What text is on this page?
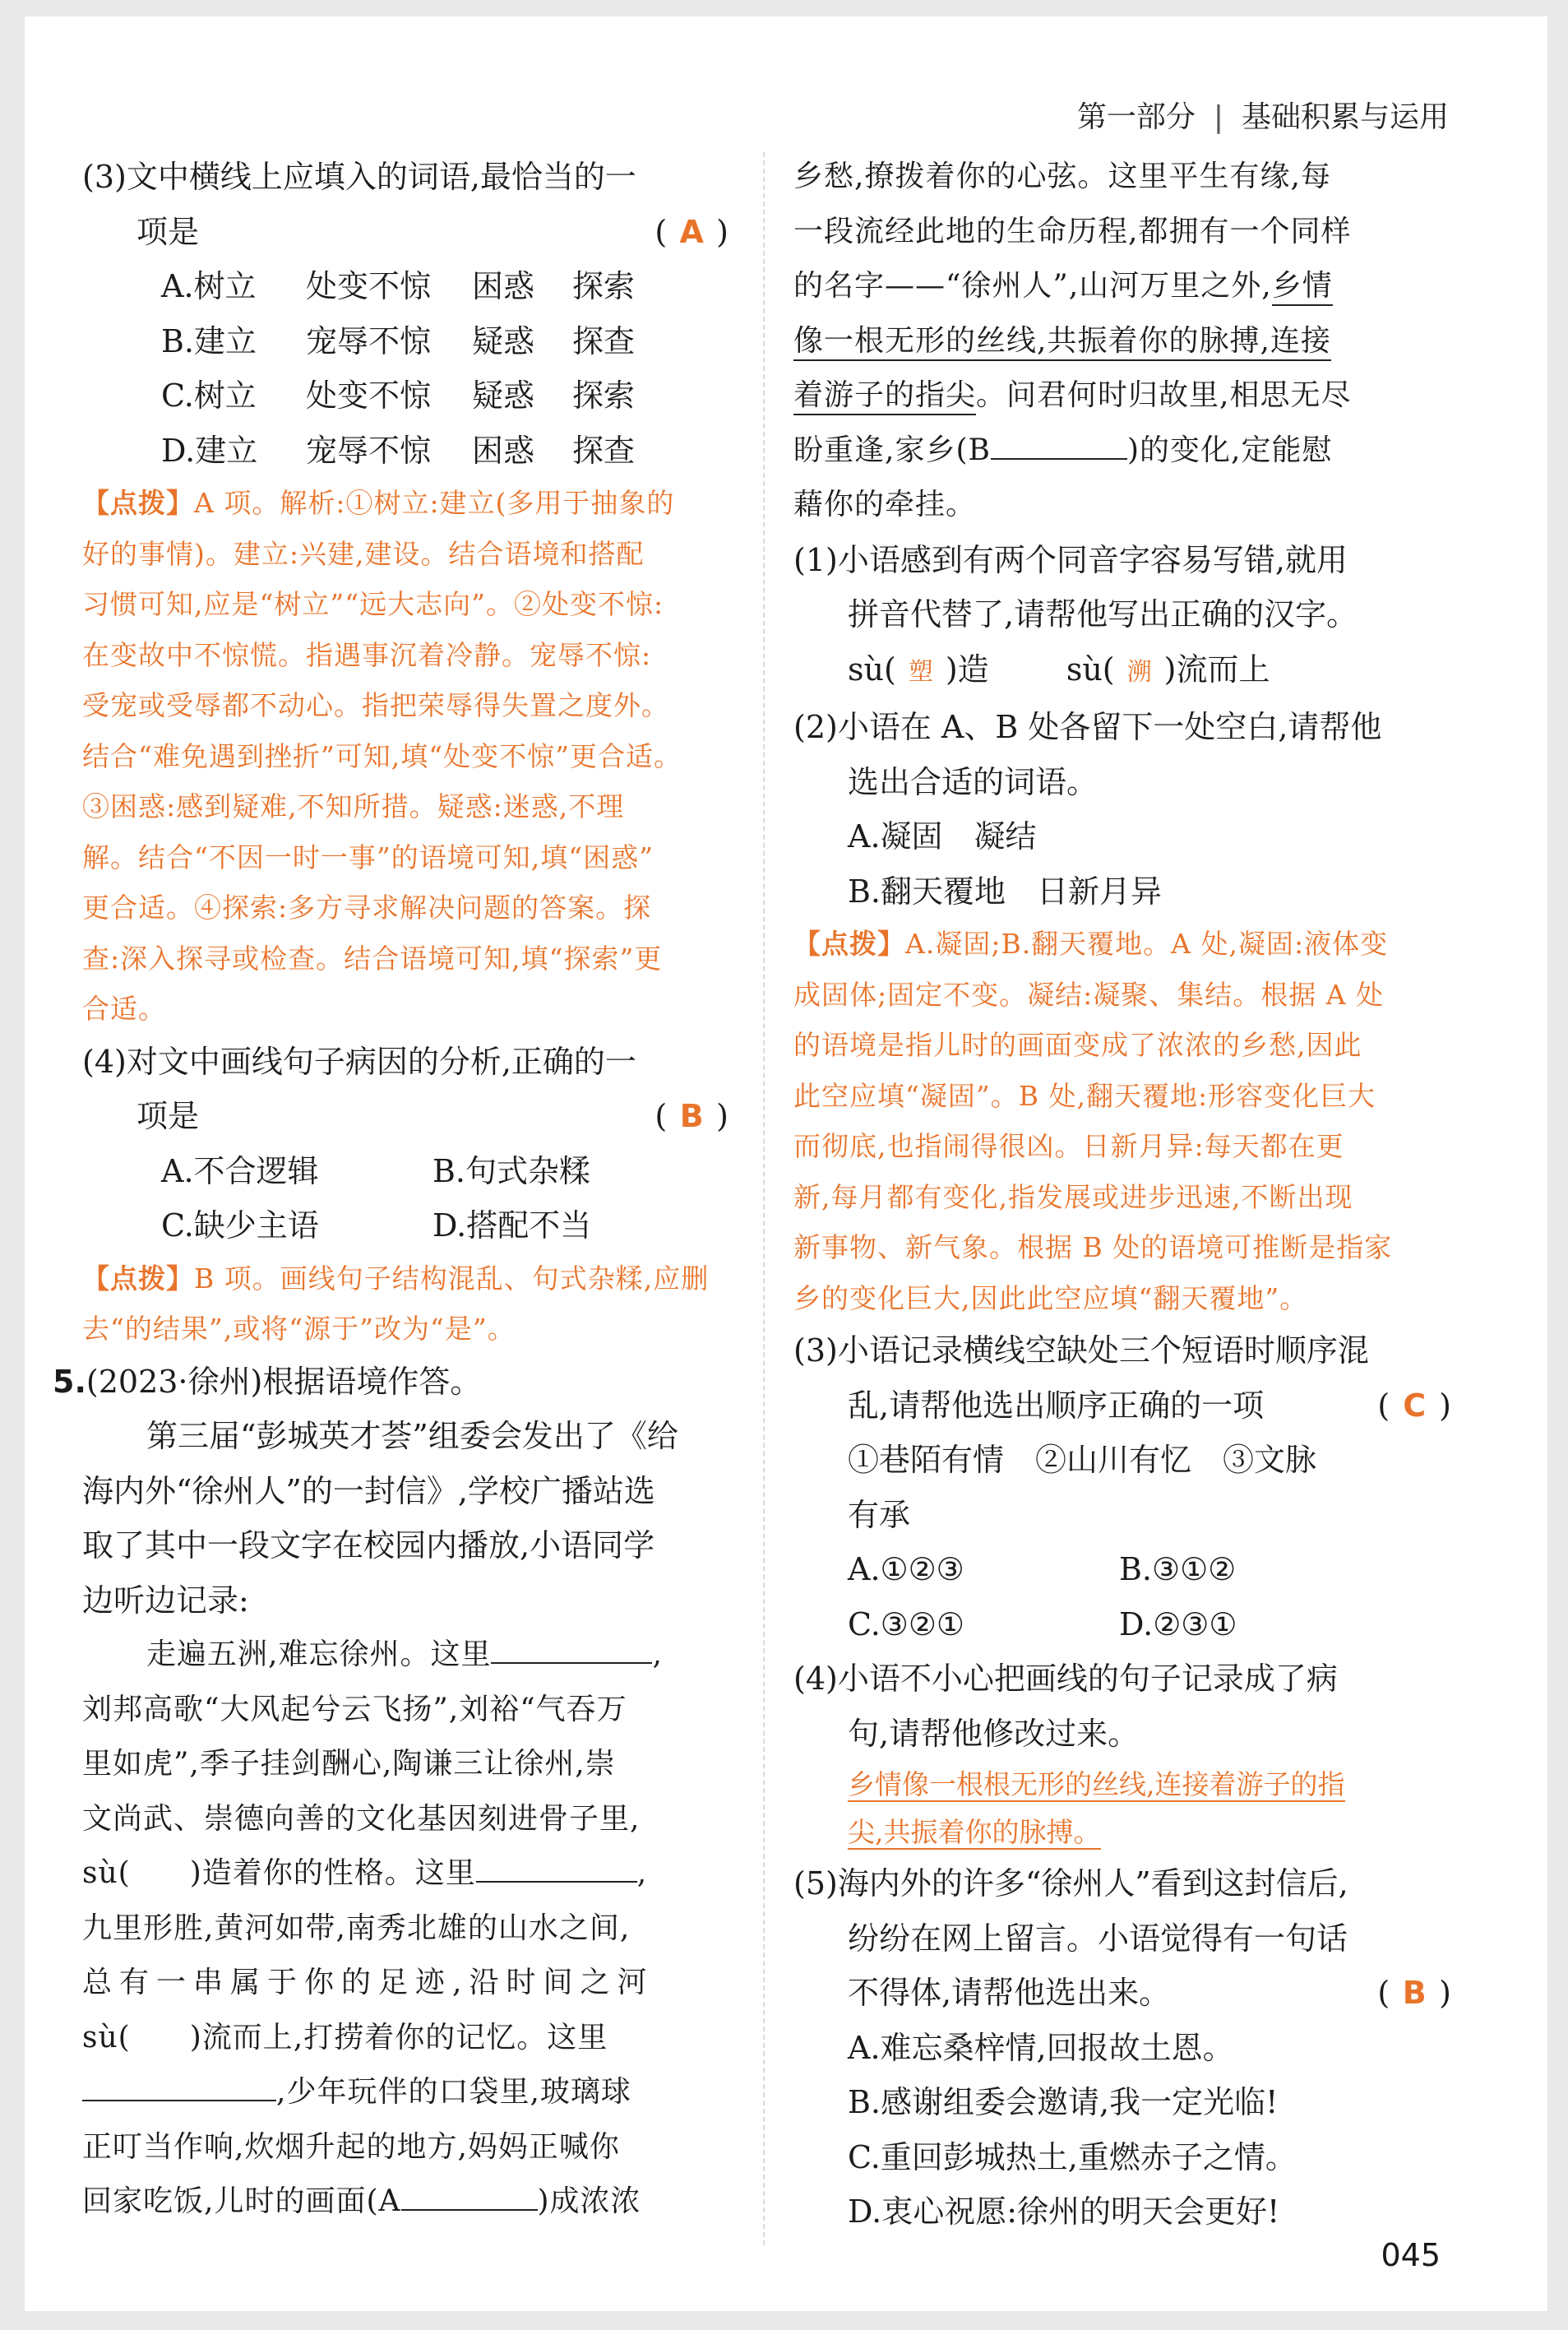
第一部分 | 基础积累与运用
(3)文中横线上应填入的词语,最恰当的一
项是	( A )
A.树立 处变不惊 困惑 探索
B.建立 宠辱不惊 疑惑 探查
C.树立 处变不惊 疑惑 探索
D.建立 宠辱不惊 困惑 探查
【点拨】A 项。解析:①树立:建立(多用于抽象的
好的事情)。建立:兴建,建设。结合语境和搭配
习惯可知,应是“树立”“远大志向”。②处变不惊:
在变故中不惊慌。指遇事沉着冷静。宠辱不惊:
受宠或受辱都不动心。指把荣辱得失置之度外。
结合“难免遇到挫折”可知,填“处变不惊”更合适。
③困惑:感到疑难,不知所措。疑惑:迷惑,不理
解。结合“不因一时一事”的语境可知,填“困惑”
更合适。④探索:多方寻求解决问题的答案。探
查:深入探寻或检查。结合语境可知,填“探索”更
合适。
(4)对文中画线句子病因的分析,正确的一
项是	( B )
A.不合逻辑	B.句式杂糅
C.缺少主语	D.搭配不当
【点拨】B 项。画线句子结构混乱、句式杂糅,应删
去“的结果”,或将“源于”改为“是”。
5.(2023·徐州)根据语境作答。
第三届“彭城英才荟”组委会发出了《给
海内外“徐州人”的一封信》,学校广播站选
取了其中一段文字在校园内播放,小语同学
边听边记录:
走遍五洲,难忘徐州。这里	,
刘邦高歌“大风起兮云飞扬”,刘裕“气吞万
里如虎”,季子挂剑酬心,陶谦三让徐州,崇
文尚武、崇德向善的文化基因刻进骨子里,
sù( )造着你的性格。这里	,
九里形胜,黄河如带,南秀北雄的山水之间,
总有一串属于你的足迹,沿时间之河
sù( )流而上,打捞着你的记忆。这里
,少年玩伴的口袋里,玻璃球
正叮当作响,炊烟升起的地方,妈妈正喊你
回家吃饭,儿时的画面(A	)成浓浓
乡愁,撩拨着你的心弦。这里平生有缘,每
一段流经此地的生命历程,都拥有一个同样
的名字——“徐州人”,山河万里之外,乡情
像一根无形的丝线,共振着你的脉搏,连接
着游子的指尖。问君何时归故里,相思无尽
盼重逢,家乡(B	)的变化,定能慰
藉你的牵挂。
(1)小语感到有两个同音字容易写错,就用
拼音代替了,请帮他写出正确的汉字。
sù( 塑 )造 sù( 溯 )流而上
(2)小语在 A、B 处各留下一处空白,请帮他
选出合适的词语。
A.凝固　凝结
B.翻天覆地　日新月异
【点拨】A.凝固;B.翻天覆地。A 处,凝固:液体变
成固体;固定不变。凝结:凝聚、集结。根据 A 处
的语境是指儿时的画面变成了浓浓的乡愁,因此
此空应填“凝固”。B 处,翻天覆地:形容变化巨大
而彻底,也指闹得很凶。日新月异:每天都在更
新,每月都有变化,指发展或进步迅速,不断出现
新事物、新气象。根据 B 处的语境可推断是指家
乡的变化巨大,因此此空应填“翻天覆地”。
(3)小语记录横线空缺处三个短语时顺序混
乱,请帮他选出顺序正确的一项	( C )
①巷陌有情　②山川有忆　③文脉
有承
A.①②③	B.③①②
C.③②①	D.②③①
(4)小语不小心把画线的句子记录成了病
句,请帮他修改过来。
乡情像一根根无形的丝线,连接着游子的指
尖,共振着你的脉搏。
(5)海内外的许多“徐州人”看到这封信后,
纷纷在网上留言。小语觉得有一句话
不得体,请帮他选出来。	( B )
A.难忘桑梓情,回报故土恩。
B.感谢组委会邀请,我一定光临!
C.重回彭城热土,重燃赤子之情。
D.衷心祝愿:徐州的明天会更好!
045
